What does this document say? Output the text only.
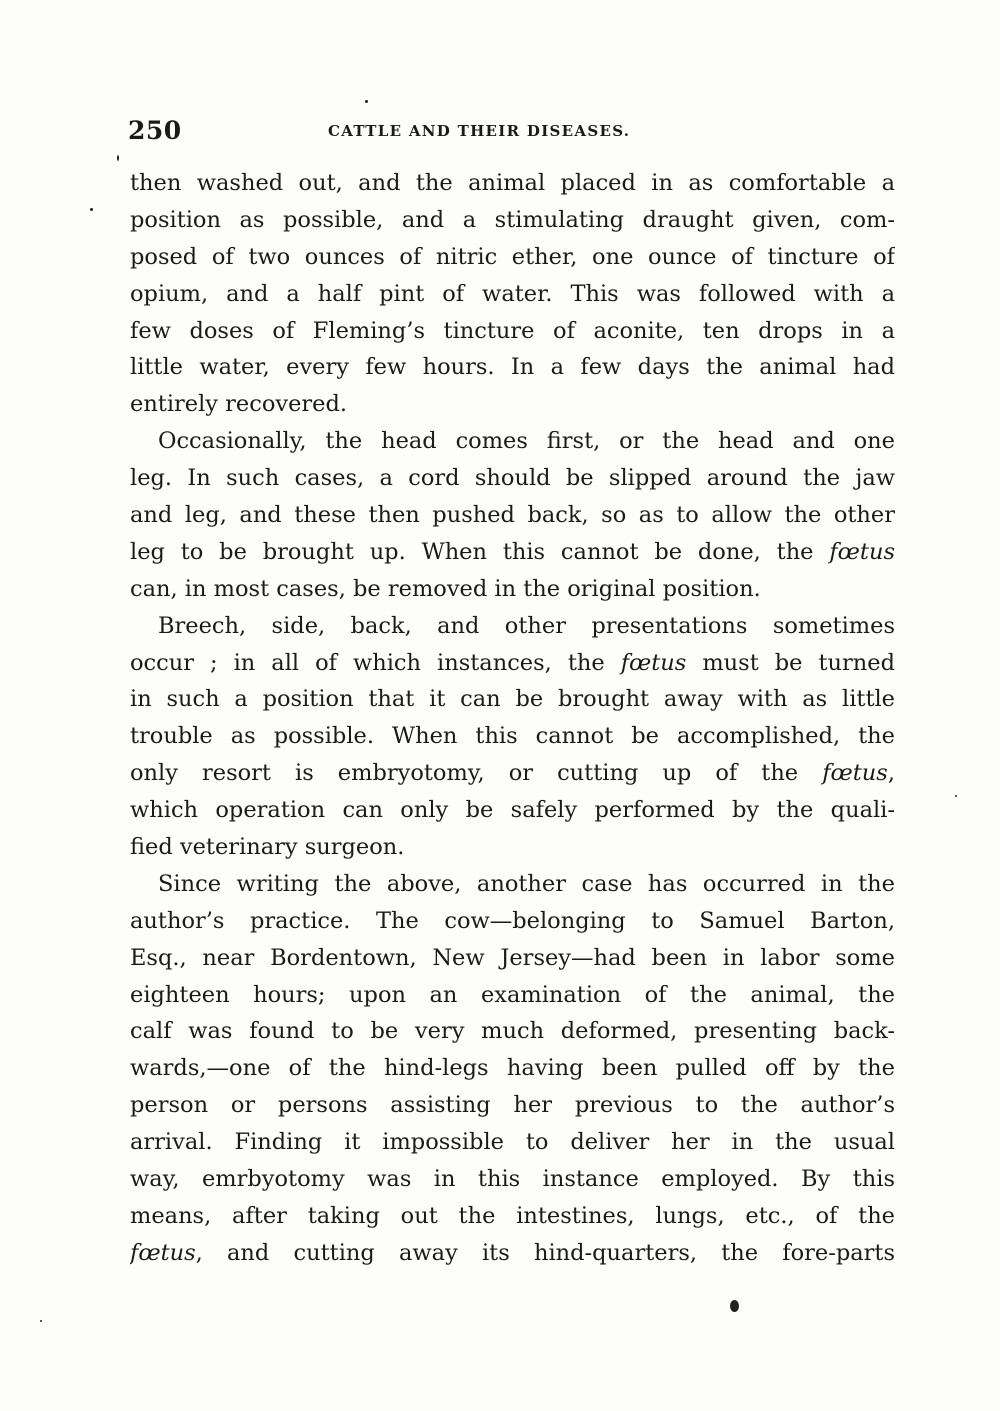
250	CATTLE AND THEIR DISEASES.
then washed out, and the animal placed in as comfortable a
position as possible, and a stimulating draught given, com-
posed of two ounces of nitric ether, one ounce of tincture of
opium, and a half pint of water. This was followed with a
few doses of Fleming’s tincture of aconite, ten drops in a
little water, every few hours. In a few days the animal had
entirely recovered.
Occasionally, the head comes first, or the head and one
leg. In such cases, a cord should be slipped around the jaw
and leg, and these then pushed back, so as to allow the other
leg to be brought up. When this cannot be done, the fœtus
can, in most cases, be removed in the original position.
Breech, side, back, and other presentations sometimes
occur ; in all of which instances, the fœtus must be turned
in such a position that it can be brought away with as little
trouble as possible. When this cannot be accomplished, the
only resort is embryotomy, or cutting up of the fœtus,
which operation can only be safely performed by the quali-
fied veterinary surgeon.
Since writing the above, another case has occurred in the
author’s practice. The cow—belonging to Samuel Barton,
Esq., near Bordentown, New Jersey—had been in labor some
eighteen hours; upon an examination of the animal, the
calf was found to be very much deformed, presenting back-
wards,—one of the hind-legs having been pulled off by the
person or persons assisting her previous to the author’s
arrival. Finding it impossible to deliver her in the usual
way, emrbyotomy was in this instance employed. By this
means, after taking out the intestines, lungs, etc., of the
fœtus, and cutting away its hind-quarters, the fore-parts
